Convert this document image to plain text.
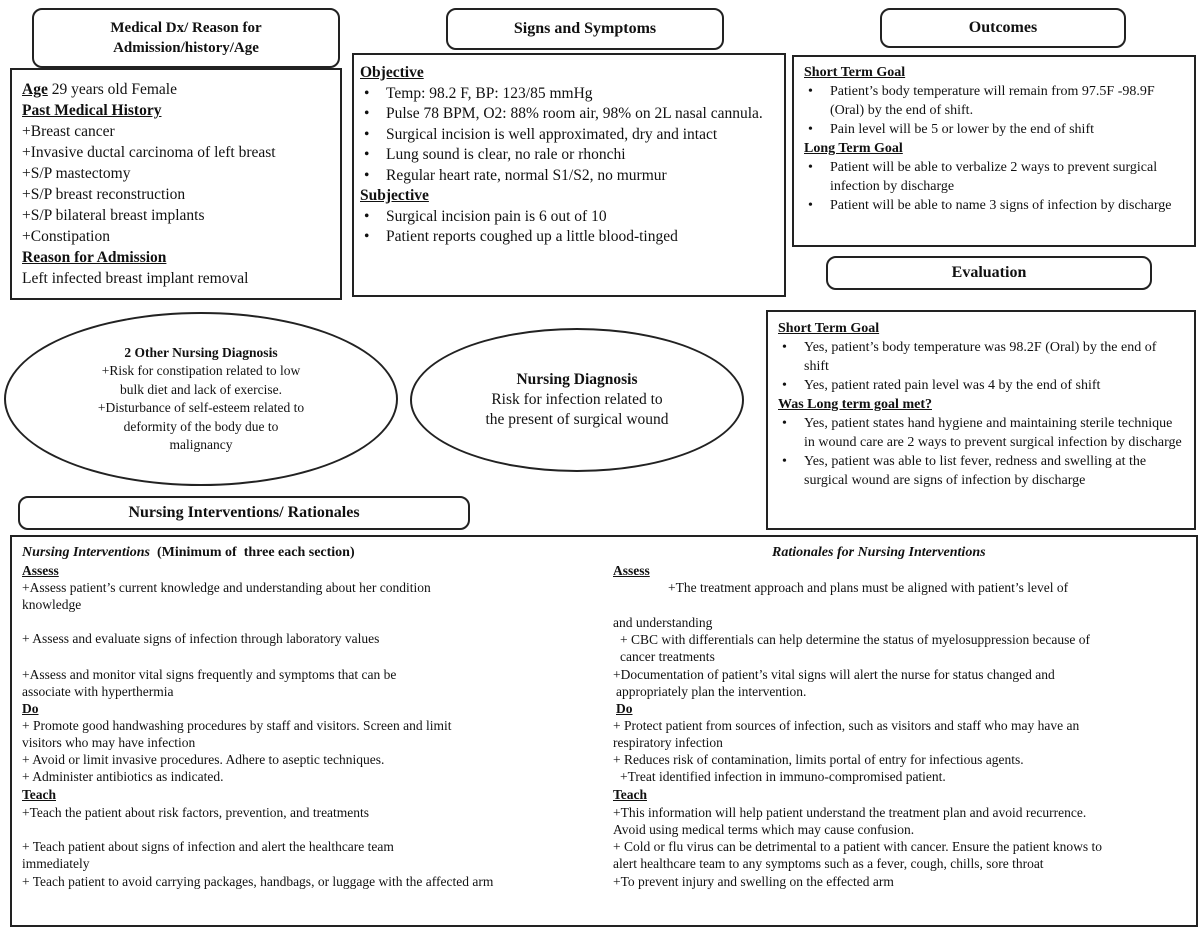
Medical Dx/ Reason for Admission/history/Age
Signs and Symptoms	Outcomes
Age 29 years old Female
Past Medical History
+Breast cancer
+Invasive ductal carcinoma of left breast
+S/P mastectomy
+S/P breast reconstruction
+S/P bilateral breast implants
+Constipation
Reason for Admission
Left infected breast implant removal
Objective
• Temp: 98.2 F, BP: 123/85 mmHg
• Pulse 78 BPM, O2: 88% room air, 98% on 2L nasal cannula.
• Surgical incision is well approximated, dry and intact
• Lung sound is clear, no rale or rhonchi
• Regular heart rate, normal S1/S2, no murmur
Subjective
• Surgical incision pain is 6 out of 10
• Patient reports coughed up a little blood-tinged
Short Term Goal
• Patient’s body temperature will remain from 97.5F -98.9F (Oral) by the end of shift.
• Pain level will be 5 or lower by the end of shift
Long Term Goal
• Patient will be able to verbalize 2 ways to prevent surgical infection by discharge
• Patient will be able to name 3 signs of infection by discharge
Evaluation
Short Term Goal
• Yes, patient’s body temperature was 98.2F (Oral) by the end of shift
• Yes, patient rated pain level was 4 by the end of shift
Was Long term goal met?
• Yes, patient states hand hygiene and maintaining sterile technique in wound care are 2 ways to prevent surgical infection by discharge
• Yes, patient was able to list fever, redness and swelling at the surgical wound are signs of infection by discharge
2 Other Nursing Diagnosis
+Risk for constipation related to low
bulk diet and lack of exercise.
+Disturbance of self-esteem related to
deformity of the body due to
malignancy
Nursing Diagnosis
Risk for infection related to
the present of surgical wound
Nursing Interventions/ Rationales
Nursing Interventions  (Minimum of  three each section)	Rationales for Nursing Interventions
Assess
+Assess patient’s current knowledge and understanding about her condition
knowledge
+ Assess and evaluate signs of infection through laboratory values
+Assess and monitor vital signs frequently and symptoms that can be
associate with hyperthermia
Do
+ Promote good handwashing procedures by staff and visitors. Screen and limit
visitors who may have infection
+ Avoid or limit invasive procedures. Adhere to aseptic techniques.
+ Administer antibiotics as indicated.
Teach
+Teach the patient about risk factors, prevention, and treatments
+ Teach patient about signs of infection and alert the healthcare team
immediately
+ Teach patient to avoid carrying packages, handbags, or luggage with the affected arm
Assess
+The treatment approach and plans must be aligned with patient’s level of
and understanding
+ CBC with differentials can help determine the status of myelosuppression because of
cancer treatments
+Documentation of patient’s vital signs will alert the nurse for status changed and
appropriately plan the intervention.
Do
+ Protect patient from sources of infection, such as visitors and staff who may have an
respiratory infection
+ Reduces risk of contamination, limits portal of entry for infectious agents.
+Treat identified infection in immuno-compromised patient.
Teach
+This information will help patient understand the treatment plan and avoid recurrence.
Avoid using medical terms which may cause confusion.
+ Cold or flu virus can be detrimental to a patient with cancer. Ensure the patient knows to
alert healthcare team to any symptoms such as a fever, cough, chills, sore throat
+To prevent injury and swelling on the effected arm
